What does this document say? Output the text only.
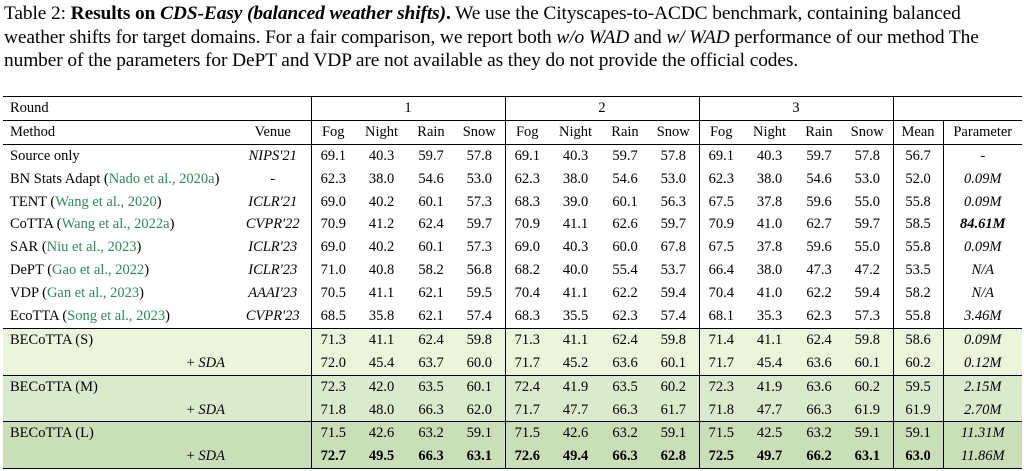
Table 2: Results on CDS-Easy (balanced weather shifts). We use the Cityscapes-to-ACDC benchmark, containing balanced weather shifts for target domains. For a fair comparison, we report both w/o WAD and w/ WAD performance of our method The number of the parameters for DePT and VDP are not available as they do not provide the official codes.
Round		1				2				3					
Method	Venue	Fog	Night	Rain	Snow	Fog	Night	Rain	Snow	Fog	Night	Rain	Snow	Mean	Parameter
Source only	NIPS'21	69.1	40.3	59.7	57.8	69.1	40.3	59.7	57.8	69.1	40.3	59.7	57.8	56.7	-
BN Stats Adapt (Nado et al., 2020a)	-	62.3	38.0	54.6	53.0	62.3	38.0	54.6	53.0	62.3	38.0	54.6	53.0	52.0	0.09M
TENT (Wang et al., 2020)	ICLR'21	69.0	40.2	60.1	57.3	68.3	39.0	60.1	56.3	67.5	37.8	59.6	55.0	55.8	0.09M
CoTTA (Wang et al., 2022a)	CVPR'22	70.9	41.2	62.4	59.7	70.9	41.1	62.6	59.7	70.9	41.0	62.7	59.7	58.5	84.61M
SAR (Niu et al., 2023)	ICLR'23	69.0	40.2	60.1	57.3	69.0	40.3	60.0	67.8	67.5	37.8	59.6	55.0	55.8	0.09M
DePT (Gao et al., 2022)	ICLR'23	71.0	40.8	58.2	56.8	68.2	40.0	55.4	53.7	66.4	38.0	47.3	47.2	53.5	N/A
VDP (Gan et al., 2023)	AAAI'23	70.5	41.1	62.1	59.5	70.4	41.1	62.2	59.4	70.4	41.0	62.2	59.4	58.2	N/A
EcoTTA (Song et al., 2023)	CVPR'23	68.5	35.8	62.1	57.4	68.3	35.5	62.3	57.4	68.1	35.3	62.3	57.3	55.8	3.46M
BECoTTA (S)		71.3	41.1	62.4	59.8	71.3	41.1	62.4	59.8	71.4	41.1	62.4	59.8	58.6	0.09M
+ SDA		72.0	45.4	63.7	60.0	71.7	45.2	63.6	60.1	71.7	45.4	63.6	60.1	60.2	0.12M
BECoTTA (M)		72.3	42.0	63.5	60.1	72.4	41.9	63.5	60.2	72.3	41.9	63.6	60.2	59.5	2.15M
+ SDA		71.8	48.0	66.3	62.0	71.7	47.7	66.3	61.7	71.8	47.7	66.3	61.9	61.9	2.70M
BECoTTA (L)		71.5	42.6	63.2	59.1	71.5	42.6	63.2	59.1	71.5	42.5	63.2	59.1	59.1	11.31M
+ SDA		72.7	49.5	66.3	63.1	72.6	49.4	66.3	62.8	72.5	49.7	66.2	63.1	63.0	11.86M
